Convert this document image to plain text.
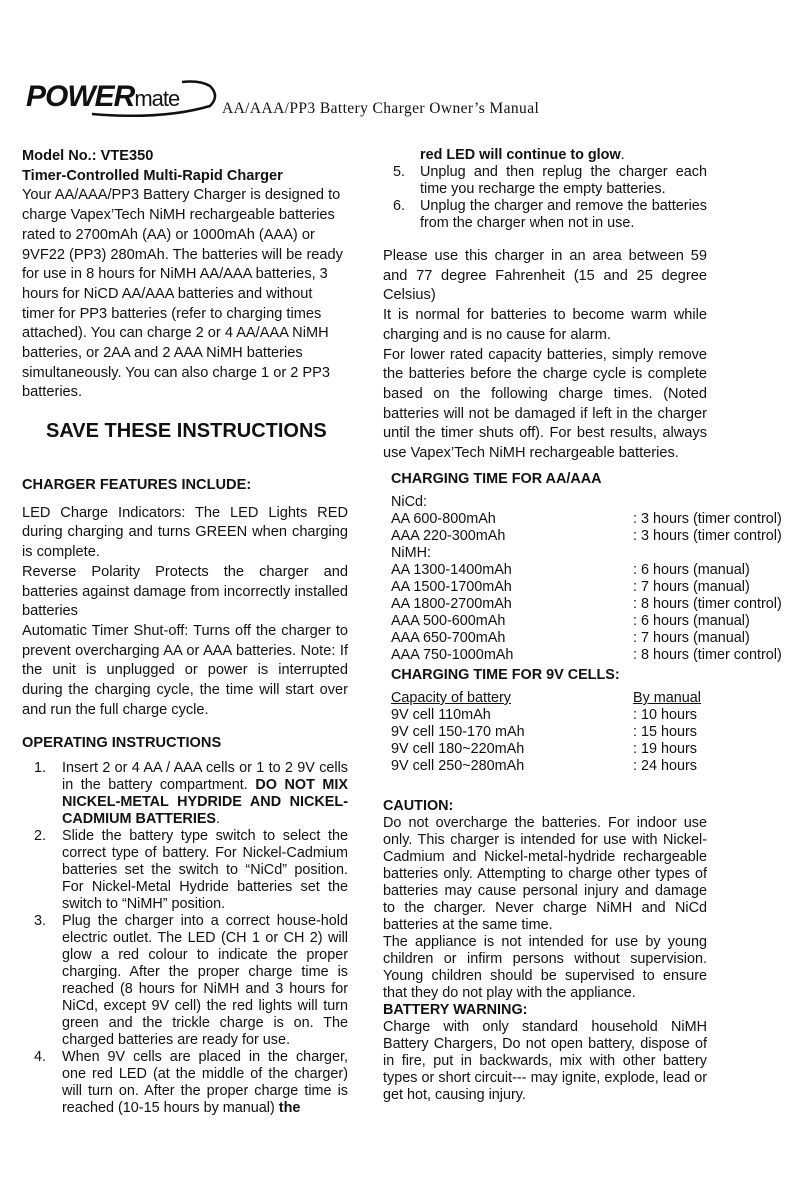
POWERmate	AA/AAA/PP3 Battery Charger Owner’s Manual

Model No.: VTE350

Timer-Controlled Multi-Rapid Charger

Your AA/AAA/PP3 Battery Charger is designed to charge Vapex’Tech NiMH rechargeable batteries rated to 2700mAh (AA) or 1000mAh (AAA) or 9VF22 (PP3) 280mAh. The batteries will be ready for use in 8 hours for NiMH AA/AAA batteries, 3 hours for NiCD AA/AAA batteries and without timer for PP3 batteries (refer to charging times attached). You can charge 2 or 4 AA/AAA NiMH batteries, or 2AA and 2 AAA NiMH batteries simultaneously. You can also charge 1 or 2 PP3 batteries.

SAVE THESE INSTRUCTIONS

CHARGER FEATURES INCLUDE:

LED Charge Indicators: The LED Lights RED during charging and turns GREEN when charging is complete.

Reverse Polarity Protects the charger and batteries against damage from incorrectly installed batteries

Automatic Timer Shut-off: Turns off the charger to prevent overcharging AA or AAA batteries. Note: If the unit is unplugged or power is interrupted during the charging cycle, the time will start over and run the full charge cycle.

OPERATING INSTRUCTIONS

1. Insert 2 or 4 AA / AAA cells or 1 to 2 9V cells in the battery compartment. DO NOT MIX NICKEL-METAL HYDRIDE AND NICKEL-CADMIUM BATTERIES.
2. Slide the battery type switch to select the correct type of battery. For Nickel-Cadmium batteries set the switch to “NiCd” position. For Nickel-Metal Hydride batteries set the switch to “NiMH” position.
3. Plug the charger into a correct house-hold electric outlet. The LED (CH 1 or CH 2) will glow a red colour to indicate the proper charging. After the proper charge time is reached (8 hours for NiMH and 3 hours for NiCd, except 9V cell) the red lights will turn green and the trickle charge is on. The charged batteries are ready for use.
4. When 9V cells are placed in the charger, one red LED (at the middle of the charger) will turn on. After the proper charge time is reached (10-15 hours by manual) the
red LED will continue to glow.
5. Unplug and then replug the charger each time you recharge the empty batteries.
6. Unplug the charger and remove the batteries from the charger when not in use.

Please use this charger in an area between 59 and 77 degree Fahrenheit (15 and 25 degree Celsius)

It is normal for batteries to become warm while charging and is no cause for alarm.

For lower rated capacity batteries, simply remove the batteries before the charge cycle is complete based on the following charge times. (Noted batteries will not be damaged if left in the charger until the timer shuts off). For best results, always use Vapex’Tech NiMH rechargeable batteries.

CHARGING TIME FOR AA/AAA
NiCd:
AA 600-800mAh	: 3 hours (timer control)
AAA 220-300mAh	: 3 hours (timer control)
NiMH:
AA 1300-1400mAh	: 6 hours (manual)
AA 1500-1700mAh	: 7 hours (manual)
AA 1800-2700mAh	: 8 hours (timer control)
AAA 500-600mAh	: 6 hours (manual)
AAA 650-700mAh	: 7 hours (manual)
AAA 750-1000mAh	: 8 hours (timer control)
CHARGING TIME FOR 9V CELLS:
Capacity of battery	By manual
9V cell 110mAh	: 10 hours
9V cell 150-170 mAh	: 15 hours
9V cell 180~220mAh	: 19 hours
9V cell 250~280mAh	: 24 hours

CAUTION:

Do not overcharge the batteries. For indoor use only. This charger is intended for use with Nickel-Cadmium and Nickel-metal-hydride rechargeable batteries only. Attempting to charge other types of batteries may cause personal injury and damage to the charger. Never charge NiMH and NiCd batteries at the same time.

The appliance is not intended for use by young children or infirm persons without supervision. Young children should be supervised to ensure that they do not play with the appliance.

BATTERY WARNING:

Charge with only standard household NiMH Battery Chargers, Do not open battery, dispose of in fire, put in backwards, mix with other battery types or short circuit--- may ignite, explode, lead or get hot, causing injury.
